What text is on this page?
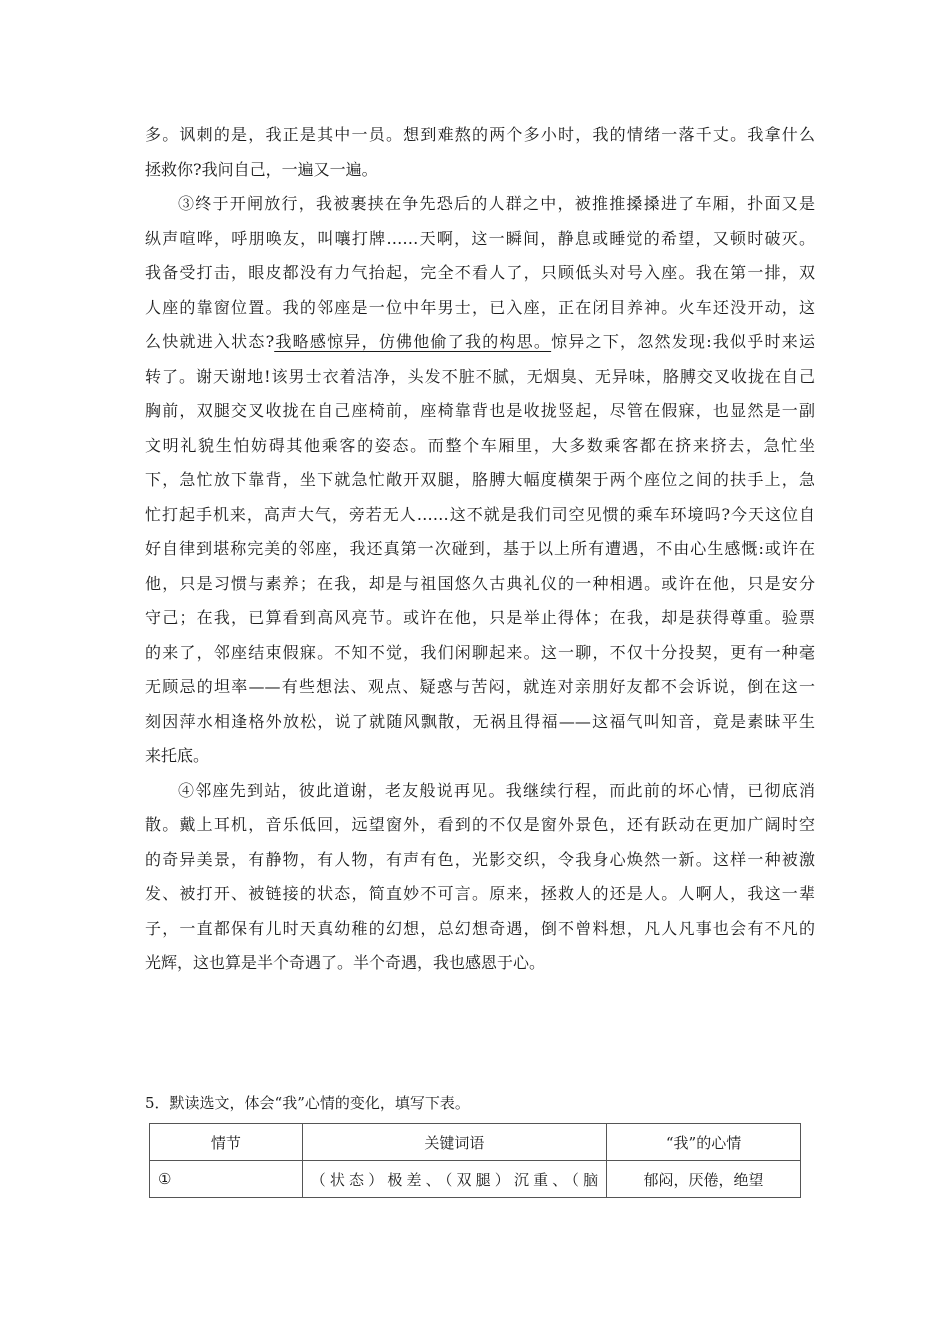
多。讽刺的是，我正是其中一员。想到难熬的两个多小时，我的情绪一落千丈。我拿什么
拯救你?我问自己，一遍又一遍。
③终于开闸放行，我被裹挟在争先恐后的人群之中，被推推搡搡进了车厢，扑面又是
纵声喧哗，呼朋唤友，叫嚷打牌……天啊，这一瞬间，静息或睡觉的希望，又顿时破灭。
我备受打击，眼皮都没有力气抬起，完全不看人了，只顾低头对号入座。我在第一排，双
人座的靠窗位置。我的邻座是一位中年男士，已入座，正在闭目养神。火车还没开动，这
么快就进入状态?我略感惊异，仿佛他偷了我的构思。惊异之下，忽然发现:我似乎时来运
转了。谢天谢地!该男士衣着洁净，头发不脏不腻，无烟臭、无异味，胳膊交叉收拢在自己
胸前，双腿交叉收拢在自己座椅前，座椅靠背也是收拢竖起，尽管在假寐，也显然是一副
文明礼貌生怕妨碍其他乘客的姿态。而整个车厢里，大多数乘客都在挤来挤去，急忙坐
下，急忙放下靠背，坐下就急忙敞开双腿，胳膊大幅度横架于两个座位之间的扶手上，急
忙打起手机来，高声大气，旁若无人……这不就是我们司空见惯的乘车环境吗?今天这位自
好自律到堪称完美的邻座，我还真第一次碰到，基于以上所有遭遇，不由心生感慨:或许在
他，只是习惯与素养；在我，却是与祖国悠久古典礼仪的一种相遇。或许在他，只是安分
守己；在我，已算看到高风亮节。或许在他，只是举止得体；在我，却是获得尊重。验票
的来了，邻座结束假寐。不知不觉，我们闲聊起来。这一聊，不仅十分投契，更有一种毫
无顾忌的坦率——有些想法、观点、疑惑与苦闷，就连对亲朋好友都不会诉说，倒在这一
刻因萍水相逢格外放松，说了就随风飘散，无祸且得福——这福气叫知音，竟是素昧平生
来托底。
④邻座先到站，彼此道谢，老友般说再见。我继续行程，而此前的坏心情，已彻底消
散。戴上耳机，音乐低回，远望窗外，看到的不仅是窗外景色，还有跃动在更加广阔时空
的奇异美景，有静物，有人物，有声有色，光影交织，令我身心焕然一新。这样一种被激
发、被打开、被链接的状态，简直妙不可言。原来，拯救人的还是人。人啊人，我这一辈
子，一直都保有儿时天真幼稚的幻想，总幻想奇遇，倒不曾料想，凡人凡事也会有不凡的
光辉，这也算是半个奇遇了。半个奇遇，我也感恩于心。
5．默读选文，体会“我”心情的变化，填写下表。
情节	关键词语	“我”的心情
①	（状态）极差、（双腿）沉重、（脑	郁闷，厌倦，绝望
